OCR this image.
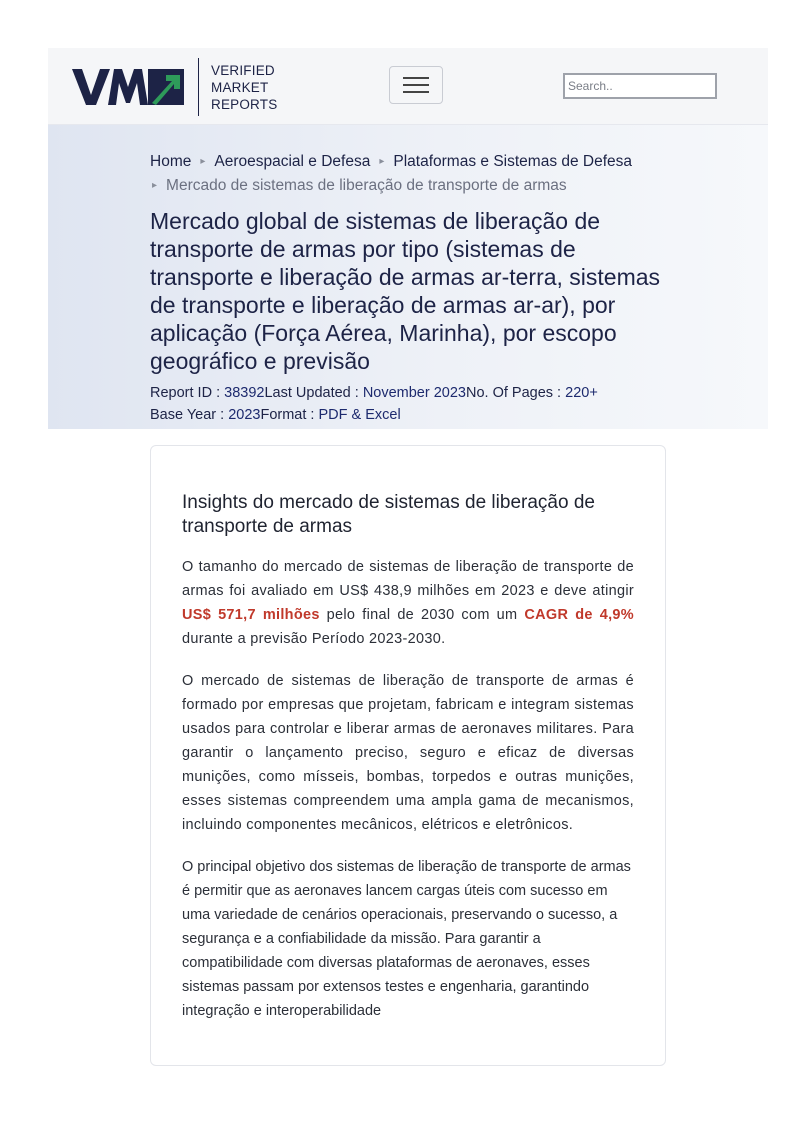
VERIFIED
MARKET
REPORTS
Search..
Home ▸ Aeroespacial e Defesa ▸ Plataformas e Sistemas de Defesa
▸ Mercado de sistemas de liberação de transporte de armas
Mercado global de sistemas de liberação de transporte de armas por tipo (sistemas de transporte e liberação de armas ar-terra, sistemas de transporte e liberação de armas ar-ar), por aplicação (Força Aérea, Marinha), por escopo geográfico e previsão
Report ID : 38392Last Updated : November 2023No. Of Pages : 220+
Base Year : 2023Format : PDF & Excel
Insights do mercado de sistemas de liberação de transporte de armas

O tamanho do mercado de sistemas de liberação de transporte de armas foi avaliado em US$ 438,9 milhões em 2023 e deve atingir US$ 571,7 milhões pelo final de 2030 com um CAGR de 4,9% durante a previsão Período 2023-2030.

O mercado de sistemas de liberação de transporte de armas é formado por empresas que projetam, fabricam e integram sistemas usados para controlar e liberar armas de aeronaves militares. Para garantir o lançamento preciso, seguro e eficaz de diversas munições, como mísseis, bombas, torpedos e outras munições, esses sistemas compreendem uma ampla gama de mecanismos, incluindo componentes mecânicos, elétricos e eletrônicos.

O principal objetivo dos sistemas de liberação de transporte de armas é permitir que as aeronaves lancem cargas úteis com sucesso em uma variedade de cenários operacionais, preservando o sucesso, a segurança e a confiabilidade da missão. Para garantir a compatibilidade com diversas plataformas de aeronaves, esses sistemas passam por extensos testes e engenharia, garantindo integração e interoperabilidade
